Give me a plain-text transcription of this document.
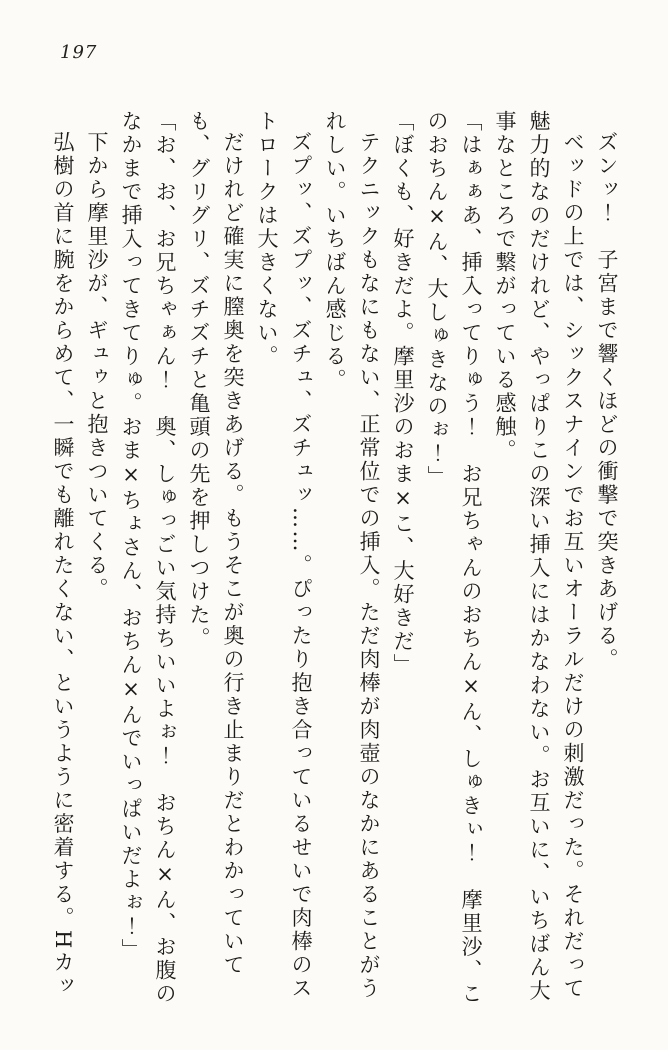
197

ズンッ！　子宮まで響くほどの衝撃で突きあげる。

ベッドの上では、シックスナインでお互いオーラルだけの刺激だった。それだって魅力的なのだけれど、やっぱりこの深い挿入にはかなわない。お互いに、いちばん大事なところで繋がっている感触。

「はぁぁあ、挿入ってりゅう！　お兄ちゃんのおちん×ん、しゅきぃ！　摩里沙、このおちん×ん、大しゅきなのぉ！」

「ぼくも、好きだよ。摩里沙のおま×こ、大好きだ」

テクニックもなにもない、正常位での挿入。ただ肉棒が肉壺のなかにあることがうれしい。いちばん感じる。

ズプッ、ズプッ、ズチュ、ズチュッ……。ぴったり抱き合っているせいで肉棒のストロークは大きくない。

だけれど確実に膣奥を突きあげる。もうそこが奥の行き止まりだとわかっていても、グリグリ、ズチズチと亀頭の先を押しつけた。

「お、お、お兄ちゃぁん！　奥、しゅっごい気持ちいいよぉ！　おちん×ん、お腹のなかまで挿入ってきてりゅ。おま×ちょさん、おちん×んでいっぱいだよぉ！」

下から摩里沙が、ギュゥと抱きついてくる。

弘樹の首に腕をからめて、一瞬でも離れたくない、というように密着する。Hカッ
